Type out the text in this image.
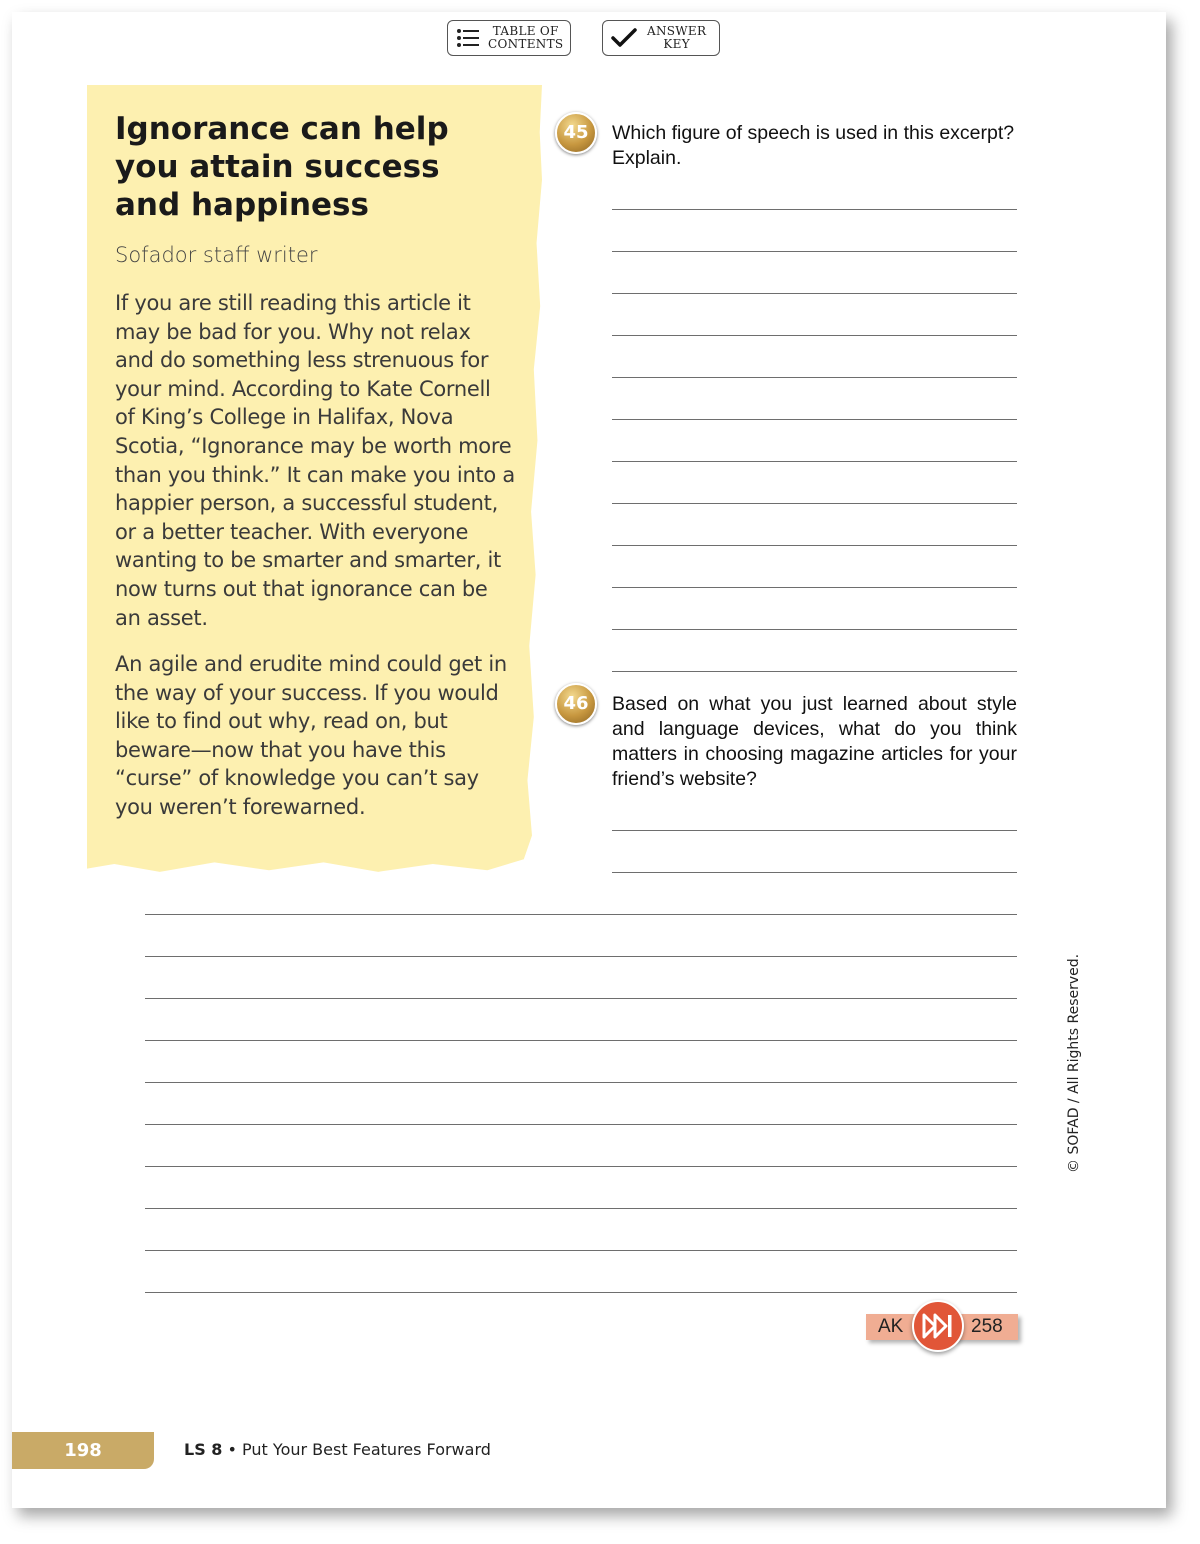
TABLE OF
CONTENTS
ANSWER
KEY
Ignorance can help you attain success and happiness
Sofador staff writer

If you are still reading this article it may be bad for you. Why not relax and do something less strenuous for your mind. According to Kate Cornell of King’s College in Halifax, Nova Scotia, “Ignorance may be worth more than you think.” It can make you into a happier person, a successful student, or a better teacher. With everyone wanting to be smarter and smarter, it now turns out that ignorance can be an asset.

An agile and erudite mind could get in the way of your success. If you would like to find out why, read on, but beware—now that you have this “curse” of knowledge you can’t say you weren’t forewarned.

45	Which figure of speech is used in this excerpt? Explain.

46	Based on what you just learned about style and language devices, what do you think matters in choosing magazine articles for your friend’s website?

© SOFAD / All Rights Reserved.
AK	258
198	LS 8 • Put Your Best Features Forward
